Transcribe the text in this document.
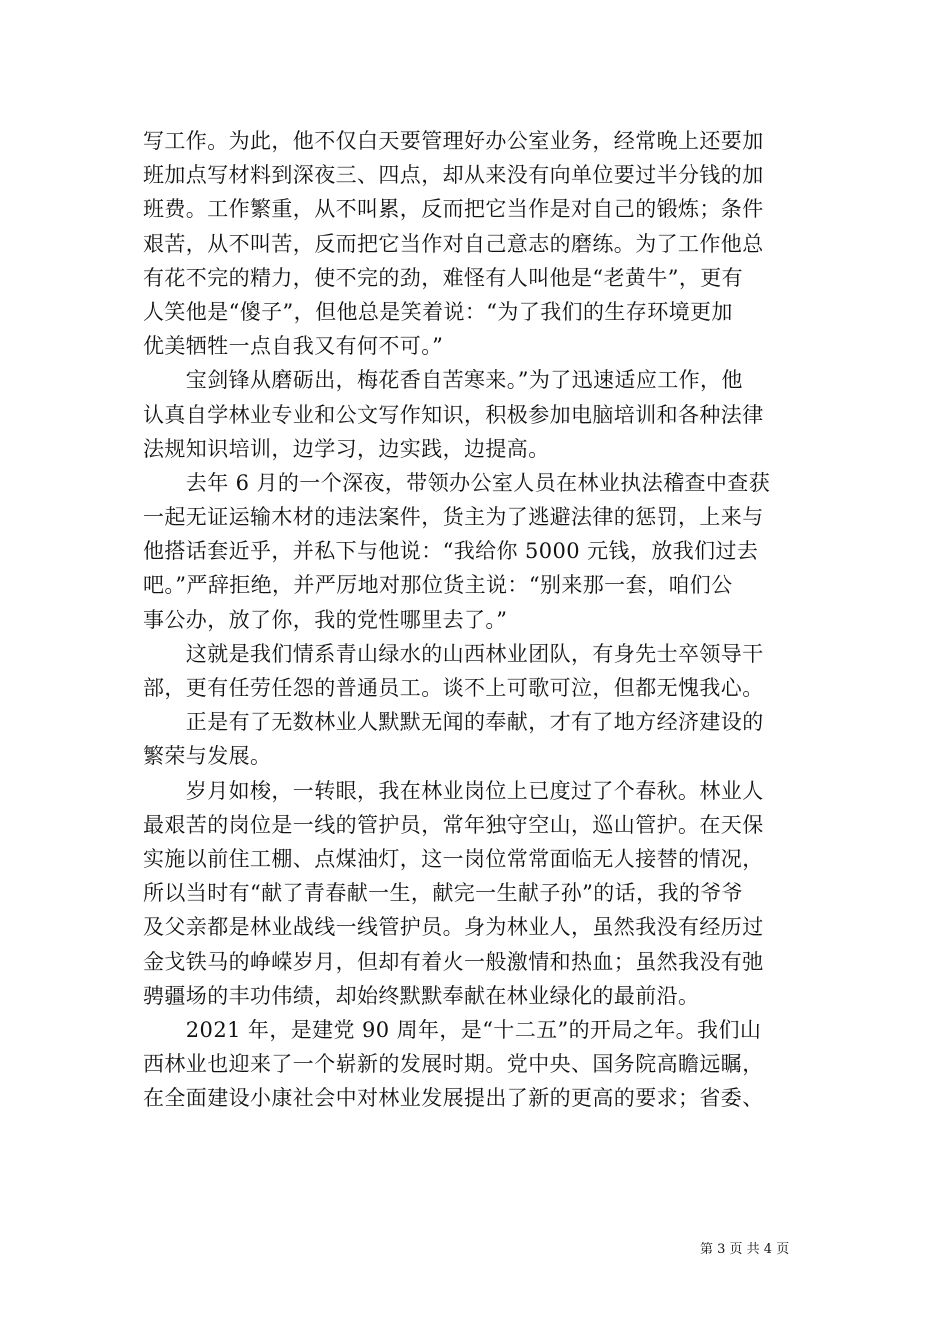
写工作。为此，他不仅白天要管理好办公室业务，经常晚上还要加
班加点写材料到深夜三、四点，却从来没有向单位要过半分钱的加
班费。工作繁重，从不叫累，反而把它当作是对自己的锻炼；条件
艰苦，从不叫苦，反而把它当作对自己意志的磨练。为了工作他总
有花不完的精力，使不完的劲，难怪有人叫他是“老黄牛”，更有
人笑他是“傻子”，但他总是笑着说：“为了我们的生存环境更加
优美牺牲一点自我又有何不可。”
　　宝剑锋从磨砺出，梅花香自苦寒来。”为了迅速适应工作，他
认真自学林业专业和公文写作知识，积极参加电脑培训和各种法律
法规知识培训，边学习，边实践，边提高。
　　去年 6 月的一个深夜，带领办公室人员在林业执法稽查中查获
一起无证运输木材的违法案件，货主为了逃避法律的惩罚，上来与
他搭话套近乎，并私下与他说：“我给你 5000 元钱，放我们过去
吧。”严辞拒绝，并严厉地对那位货主说：“别来那一套，咱们公
事公办，放了你，我的党性哪里去了。”
　　这就是我们情系青山绿水的山西林业团队，有身先士卒领导干
部，更有任劳任怨的普通员工。谈不上可歌可泣，但都无愧我心。
　　正是有了无数林业人默默无闻的奉献，才有了地方经济建设的
繁荣与发展。
　　岁月如梭，一转眼，我在林业岗位上已度过了个春秋。林业人
最艰苦的岗位是一线的管护员，常年独守空山，巡山管护。在天保
实施以前住工棚、点煤油灯，这一岗位常常面临无人接替的情况，
所以当时有“献了青春献一生，献完一生献子孙”的话，我的爷爷
及父亲都是林业战线一线管护员。身为林业人，虽然我没有经历过
金戈铁马的峥嵘岁月，但却有着火一般激情和热血；虽然我没有弛
骋疆场的丰功伟绩，却始终默默奉献在林业绿化的最前沿。
　　2021 年，是建党 90 周年，是“十二五”的开局之年。我们山
西林业也迎来了一个崭新的发展时期。党中央、国务院高瞻远瞩，
在全面建设小康社会中对林业发展提出了新的更高的要求；省委、
第 3 页 共 4 页
